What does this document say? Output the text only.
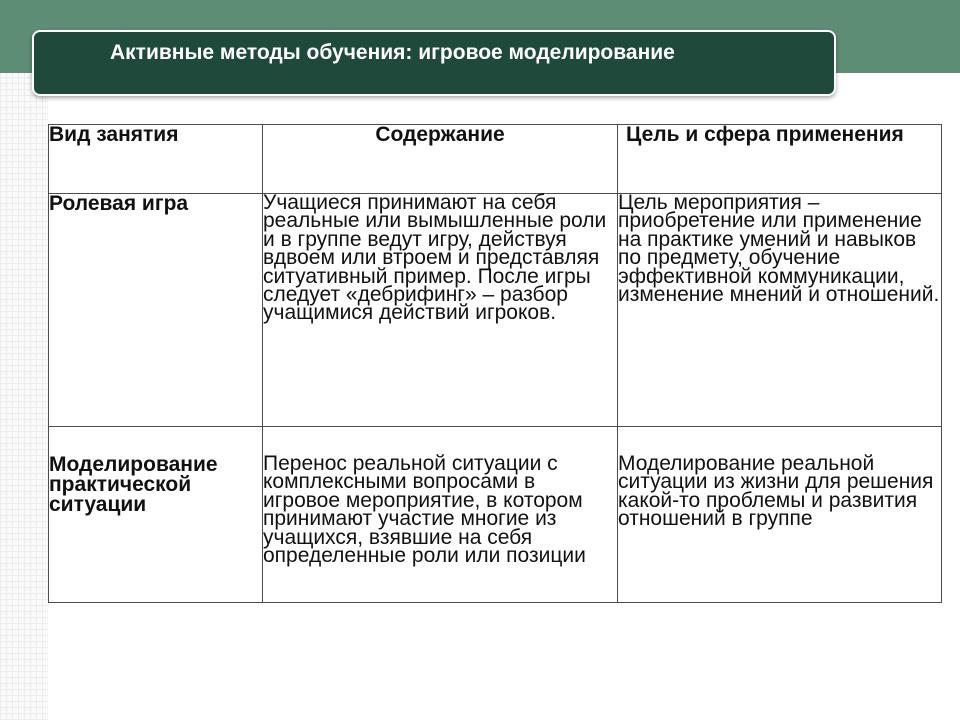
Активные методы обучения: игровое моделирование
Вид занятия	Содержание	Цель и сфера применения
Ролевая игра	Учащиеся принимают на себя реальные или вымышленные роли и в группе ведут игру, действуя вдвоем или втроем и представляя ситуативный пример. После игры следует «дебрифинг» – разбор учащимися действий игроков.	Цель мероприятия – приобретение или применение на практике умений и навыков по предмету, обучение эффективной коммуникации, изменение мнений и отношений.
Моделирование практической ситуации	Перенос реальной ситуации с комплексными вопросами в игровое мероприятие, в котором принимают участие многие из учащихся, взявшие на себя определенные роли или позиции	Моделирование реальной ситуации из жизни для решения какой-то проблемы и развития отношений в группе
